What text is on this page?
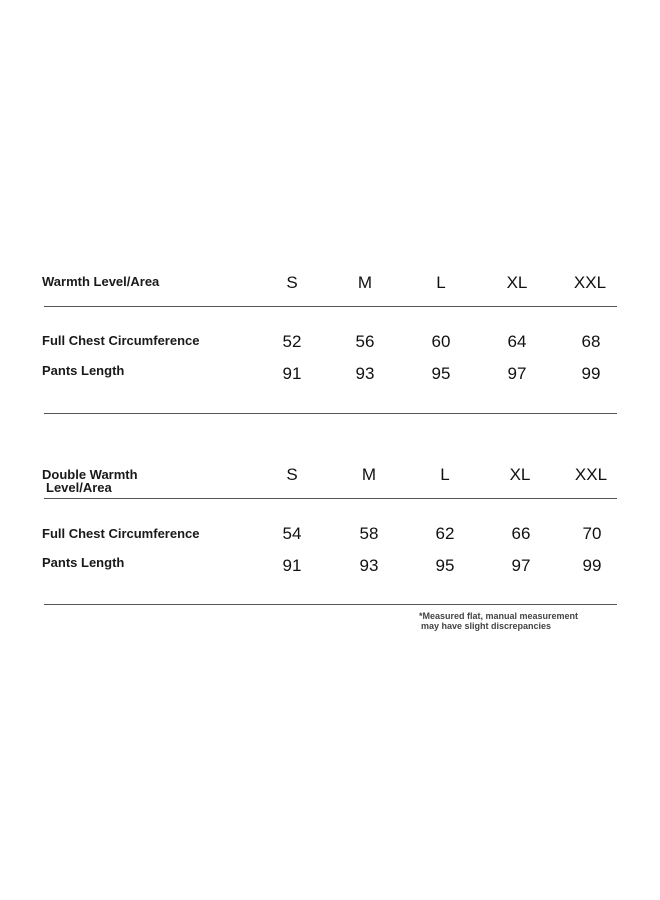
Warmth Level/Area	S	M	L	XL	XXL
Full Chest Circumference	52	56	60	64	68
Pants Length	91	93	95	97	99
Double Warmth
Level/Area
S	M	L	XL	XXL
Full Chest Circumference	54	58	62	66	70
Pants Length	91	93	95	97	99
*Measured flat, manual measurement
may have slight discrepancies
